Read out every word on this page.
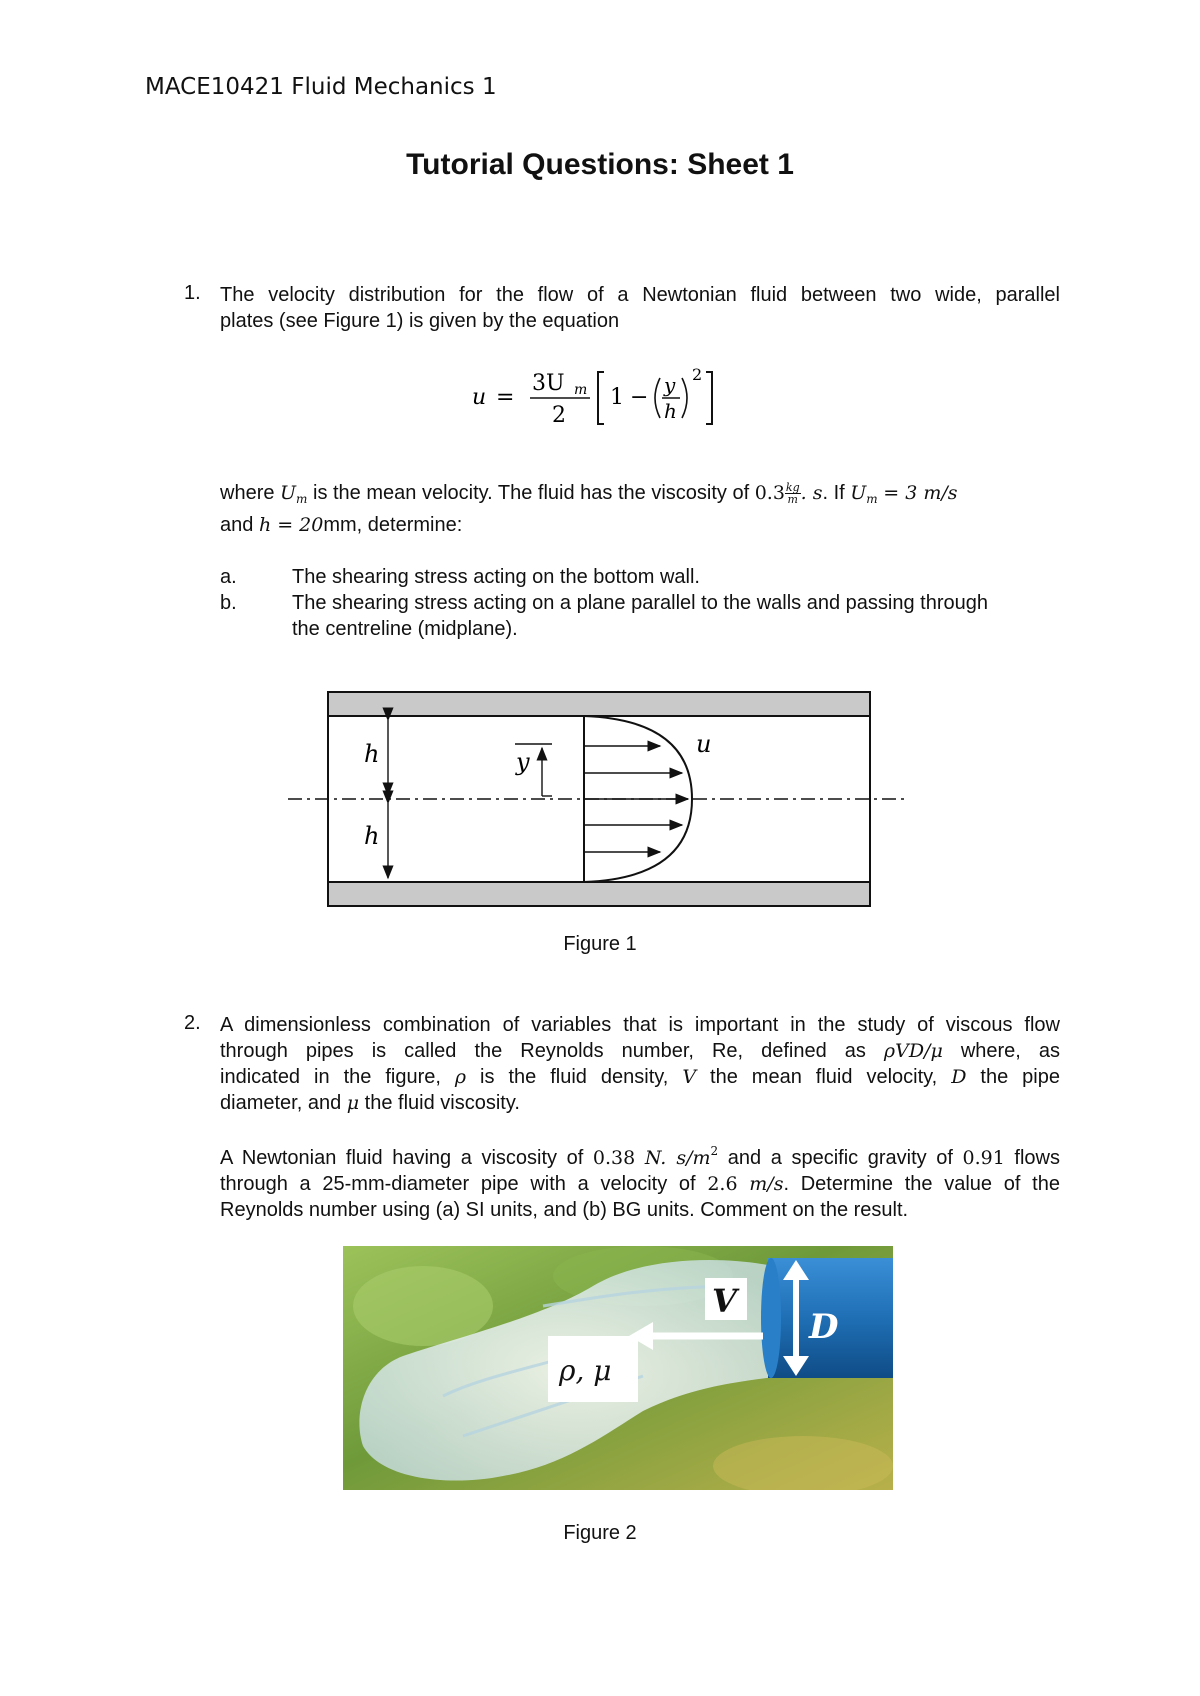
MACE10421 Fluid Mechanics 1
Tutorial Questions: Sheet 1
1. The velocity distribution for the flow of a Newtonian fluid between two wide, parallel
plates (see Figure 1) is given by the equation
u =
3U m
2
1 − y
h
2
where $U_m$ is the mean velocity. The fluid has the viscosity of $0.3 \frac{kg}{m}$ . s. If $U_m = 3$ m/s
and h = 20mm, determine:
a.	The shearing stress acting on the bottom wall.
b.	The shearing stress acting on a plane parallel to the walls and passing through
the centreline (midplane).
h
h
y
u
Figure 1
2. A dimensionless combination of variables that is important in the study of viscous flow
through pipes is called the Reynolds number, Re, defined as ρVD/μ where, as
indicated in the figure, ρ is the fluid density, V the mean fluid velocity, D the pipe
diameter, and μ the fluid viscosity.
A Newtonian fluid having a viscosity of 0.38 N. $s/m^2$ and a specific gravity of 0.91 flows
through a 25-mm-diameter pipe with a velocity of 2.6 m/s. Determine the value of the
Reynolds number using (a) SI units, and (b) BG units. Comment on the result.
D
V
ρ, μ
Figure 2
